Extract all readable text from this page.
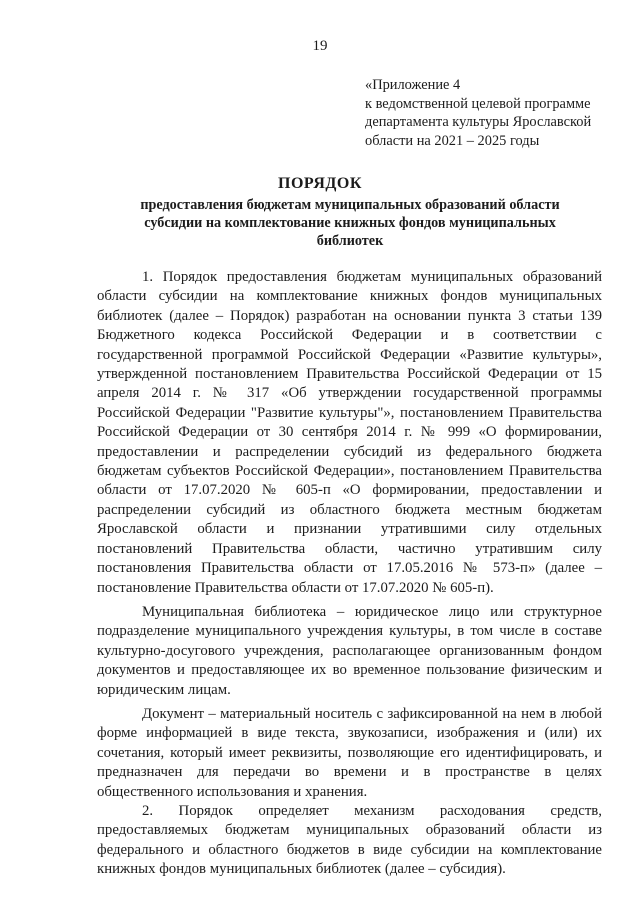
19
«Приложение 4
к ведомственной целевой программе
департамента культуры Ярославской
области на 2021 – 2025 годы
ПОРЯДОК
предоставления бюджетам муниципальных образований области субсидии на комплектование книжных фондов муниципальных библиотек

1. Порядок предоставления бюджетам муниципальных образований области субсидии на комплектование книжных фондов муниципальных библиотек (далее – Порядок) разработан на основании пункта 3 статьи 139 Бюджетного кодекса Российской Федерации и в соответствии с государственной программой Российской Федерации «Развитие культуры», утвержденной постановлением Правительства Российской Федерации от 15 апреля 2014 г. № 317 «Об утверждении государственной программы Российской Федерации "Развитие культуры"», постановлением Правительства Российской Федерации от 30 сентября 2014 г. № 999 «О формировании, предоставлении и распределении субсидий из федерального бюджета бюджетам субъектов Российской Федерации», постановлением Правительства области от 17.07.2020 № 605-п «О формировании, предоставлении и распределении субсидий из областного бюджета местным бюджетам Ярославской области и признании утратившими силу отдельных постановлений Правительства области, частично утратившим силу постановления Правительства области от 17.05.2016 № 573-п» (далее – постановление Правительства области от 17.07.2020 № 605-п).

Муниципальная библиотека – юридическое лицо или структурное подразделение муниципального учреждения культуры, в том числе в составе культурно-досугового учреждения, располагающее организованным фондом документов и предоставляющее их во временное пользование физическим и юридическим лицам.

Документ – материальный носитель с зафиксированной на нем в любой форме информацией в виде текста, звукозаписи, изображения и (или) их сочетания, который имеет реквизиты, позволяющие его идентифицировать, и предназначен для передачи во времени и в пространстве в целях общественного использования и хранения.

2. Порядок определяет механизм расходования средств, предоставляемых бюджетам муниципальных образований области из федерального и областного бюджетов в виде субсидии на комплектование книжных фондов муниципальных библиотек (далее – субсидия).
